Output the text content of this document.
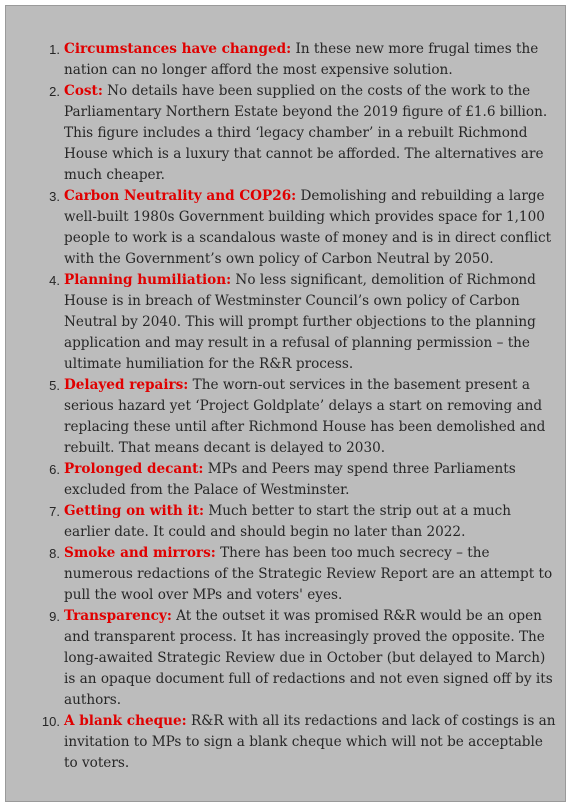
1. Circumstances have changed: In these new more frugal times the nation can no longer afford the most expensive solution.
2. Cost: No details have been supplied on the costs of the work to the Parliamentary Northern Estate beyond the 2019 figure of £1.6 billion. This figure includes a third ‘legacy chamber’ in a rebuilt Richmond House which is a luxury that cannot be afforded. The alternatives are much cheaper.
3. Carbon Neutrality and COP26: Demolishing and rebuilding a large well-built 1980s Government building which provides space for 1,100 people to work is a scandalous waste of money and is in direct conflict with the Government’s own policy of Carbon Neutral by 2050.
4. Planning humiliation: No less significant, demolition of Richmond House is in breach of Westminster Council’s own policy of Carbon Neutral by 2040. This will prompt further objections to the planning application and may result in a refusal of planning permission – the ultimate humiliation for the R&R process.
5. Delayed repairs: The worn-out services in the basement present a serious hazard yet ‘Project Goldplate’ delays a start on removing and replacing these until after Richmond House has been demolished and rebuilt. That means decant is delayed to 2030.
6. Prolonged decant: MPs and Peers may spend three Parliaments excluded from the Palace of Westminster.
7. Getting on with it: Much better to start the strip out at a much earlier date. It could and should begin no later than 2022.
8. Smoke and mirrors: There has been too much secrecy – the numerous redactions of the Strategic Review Report are an attempt to pull the wool over MPs and voters' eyes.
9. Transparency: At the outset it was promised R&R would be an open and transparent process. It has increasingly proved the opposite. The long-awaited Strategic Review due in October (but delayed to March) is an opaque document full of redactions and not even signed off by its authors.
10. A blank cheque: R&R with all its redactions and lack of costings is an invitation to MPs to sign a blank cheque which will not be acceptable to voters.
